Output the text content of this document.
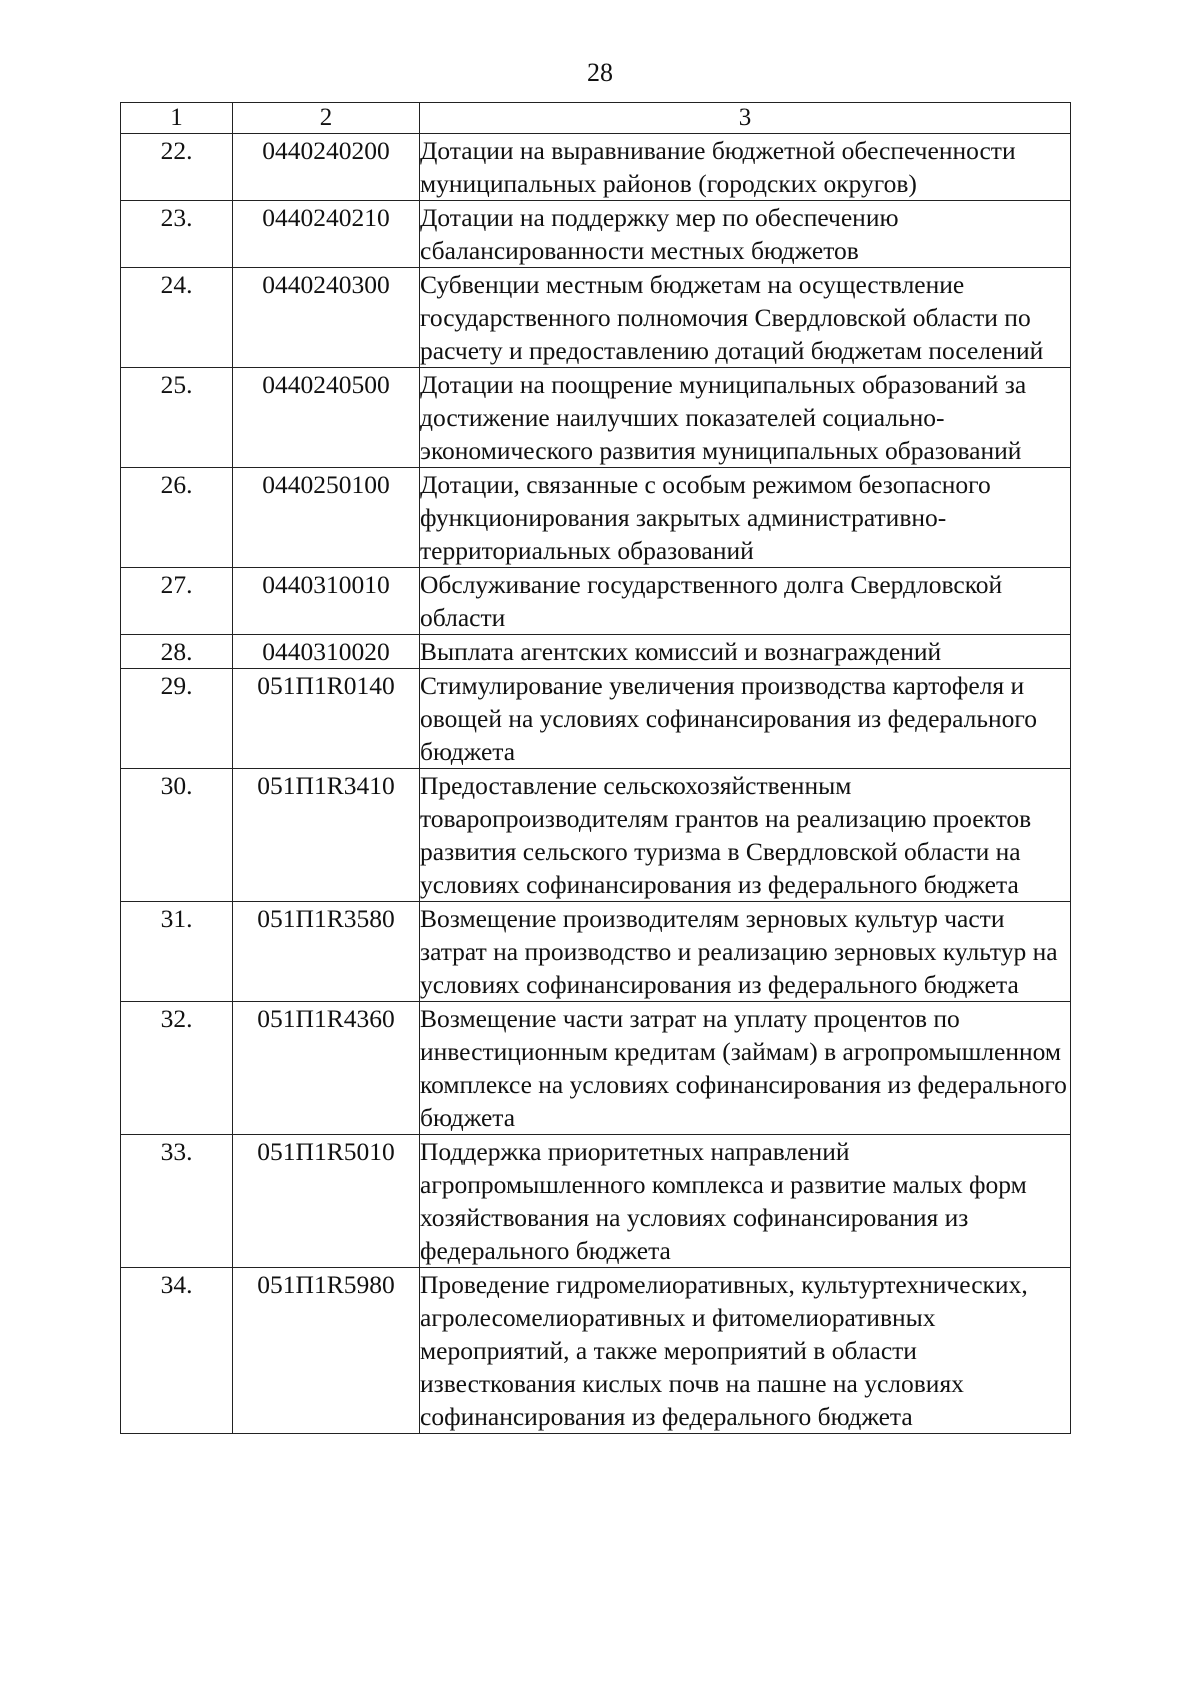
28
1	2	3
22.	0440240200	Дотации на выравнивание бюджетной обеспеченности муниципальных районов (городских округов)
23.	0440240210	Дотации на поддержку мер по обеспечению сбалансированности местных бюджетов
24.	0440240300	Субвенции местным бюджетам на осуществление государственного полномочия Свердловской области по расчету и предоставлению дотаций бюджетам поселений
25.	0440240500	Дотации на поощрение муниципальных образований за достижение наилучших показателей социально-экономического развития муниципальных образований
26.	0440250100	Дотации, связанные с особым режимом безопасного функционирования закрытых административно-территориальных образований
27.	0440310010	Обслуживание государственного долга Свердловской области
28.	0440310020	Выплата агентских комиссий и вознаграждений
29.	051П1R0140	Стимулирование увеличения производства картофеля и овощей на условиях софинансирования из федерального бюджета
30.	051П1R3410	Предоставление сельскохозяйственным товаропроизводителям грантов на реализацию проектов развития сельского туризма в Свердловской области на условиях софинансирования из федерального бюджета
31.	051П1R3580	Возмещение производителям зерновых культур части затрат на производство и реализацию зерновых культур на условиях софинансирования из федерального бюджета
32.	051П1R4360	Возмещение части затрат на уплату процентов по инвестиционным кредитам (займам) в агропромышленном комплексе на условиях софинансирования из федерального бюджета
33.	051П1R5010	Поддержка приоритетных направлений агропромышленного комплекса и развитие малых форм хозяйствования на условиях софинансирования из федерального бюджета
34.	051П1R5980	Проведение гидромелиоративных, культуртехнических, агролесомелиоративных и фитомелиоративных мероприятий, а также мероприятий в области известкования кислых почв на пашне на условиях софинансирования из федерального бюджета
